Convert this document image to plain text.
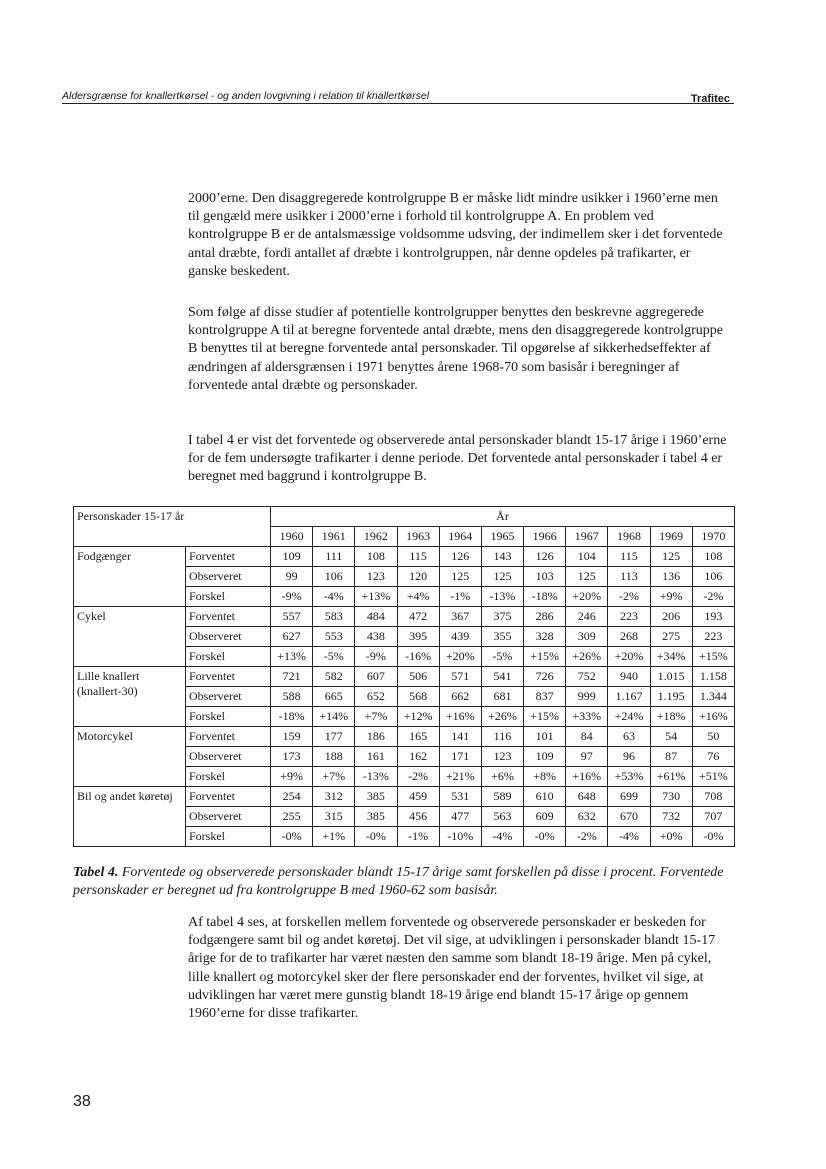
Aldersgrænse for knallertkørsel - og anden lovgivning i relation til knallertkørsel	Trafitec

2000’erne. Den disaggregerede kontrolgruppe B er måske lidt mindre usikker i 1960’erne men til gengæld mere usikker i 2000’erne i forhold til kontrolgruppe A. En problem ved kontrolgruppe B er de antalsmæssige voldsomme udsving, der indimellem sker i det forventede antal dræbte, fordi antallet af dræbte i kontrolgruppen, når denne opdeles på trafikarter, er ganske beskedent.

Som følge af disse studier af potentielle kontrolgrupper benyttes den beskrevne aggregerede kontrolgruppe A til at beregne forventede antal dræbte, mens den disaggregerede kontrolgruppe B benyttes til at beregne forventede antal personskader. Til opgørelse af sikkerhedseffekter af ændringen af aldersgrænsen i 1971 benyttes årene 1968-70 som basisår i beregninger af forventede antal dræbte og personskader.

I tabel 4 er vist det forventede og observerede antal personskader blandt 15-17 årige i 1960’erne for de fem undersøgte trafikarter i denne periode. Det forventede antal personskader i tabel 4 er beregnet med baggrund i kontrolgruppe B.

Personskader 15-17 år		År										
		1960	1961	1962	1963	1964	1965	1966	1967	1968	1969	1970
Fodgænger	Forventet	109	111	108	115	126	143	126	104	115	125	108
	Observeret	99	106	123	120	125	125	103	125	113	136	106
	Forskel	-9%	-4%	+13%	+4%	-1%	-13%	-18%	+20%	-2%	+9%	-2%
Cykel	Forventet	557	583	484	472	367	375	286	246	223	206	193
	Observeret	627	553	438	395	439	355	328	309	268	275	223
	Forskel	+13%	-5%	-9%	-16%	+20%	-5%	+15%	+26%	+20%	+34%	+15%
Lille knallert (knallert-30)	Forventet	721	582	607	506	571	541	726	752	940	1.015	1.158
	Observeret	588	665	652	568	662	681	837	999	1.167	1.195	1.344
	Forskel	-18%	+14%	+7%	+12%	+16%	+26%	+15%	+33%	+24%	+18%	+16%
Motorcykel	Forventet	159	177	186	165	141	116	101	84	63	54	50
	Observeret	173	188	161	162	171	123	109	97	96	87	76
	Forskel	+9%	+7%	-13%	-2%	+21%	+6%	+8%	+16%	+53%	+61%	+51%
Bil og andet køretøj	Forventet	254	312	385	459	531	589	610	648	699	730	708
	Observeret	255	315	385	456	477	563	609	632	670	732	707
	Forskel	-0%	+1%	-0%	-1%	-10%	-4%	-0%	-2%	-4%	+0%	-0%
Tabel 4. Forventede og observerede personskader blandt 15-17 årige samt forskellen på disse i procent. Forventede personskader er beregnet ud fra kontrolgruppe B med 1960-62 som basisår.

Af tabel 4 ses, at forskellen mellem forventede og observerede personskader er beskeden for fodgængere samt bil og andet køretøj. Det vil sige, at udviklingen i personskader blandt 15-17 årige for de to trafikarter har været næsten den samme som blandt 18-19 årige. Men på cykel, lille knallert og motorcykel sker der flere personskader end der forventes, hvilket vil sige, at udviklingen har været mere gunstig blandt 18-19 årige end blandt 15-17 årige op gennem 1960’erne for disse trafikarter.

38
